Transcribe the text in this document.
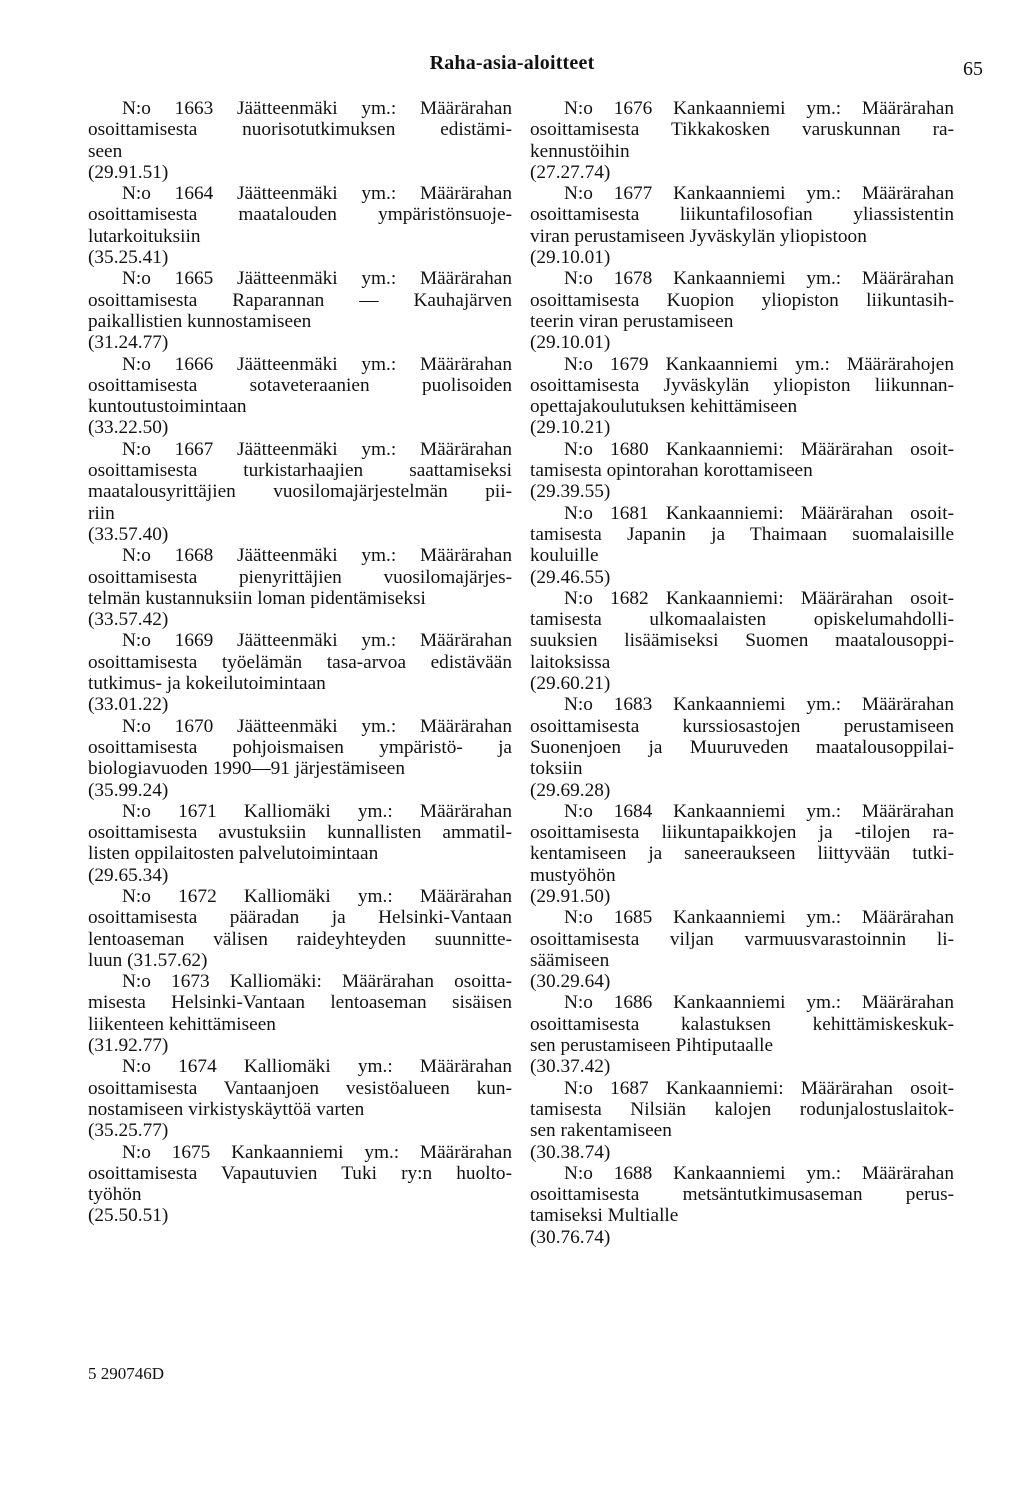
Raha-asia-aloitteet	65
N:o 1663 Jäätteenmäki ym.: Määrärahan
osoittamisesta nuorisotutkimuksen edistämi-
seen
(29.91.51)
N:o 1664 Jäätteenmäki ym.: Määrärahan
osoittamisesta maatalouden ympäristönsuoje-
lutarkoituksiin
(35.25.41)
N:o 1665 Jäätteenmäki ym.: Määrärahan
osoittamisesta Raparannan — Kauhajärven
paikallistien kunnostamiseen
(31.24.77)
N:o 1666 Jäätteenmäki ym.: Määrärahan
osoittamisesta sotaveteraanien puolisoiden
kuntoutustoimintaan
(33.22.50)
N:o 1667 Jäätteenmäki ym.: Määrärahan
osoittamisesta turkistarhaajien saattamiseksi
maatalousyrittäjien vuosilomajärjestelmän pii-
riin
(33.57.40)
N:o 1668 Jäätteenmäki ym.: Määrärahan
osoittamisesta pienyrittäjien vuosilomajärjes-
telmän kustannuksiin loman pidentämiseksi
(33.57.42)
N:o 1669 Jäätteenmäki ym.: Määrärahan
osoittamisesta työelämän tasa-arvoa edistävään
tutkimus- ja kokeilutoimintaan
(33.01.22)
N:o 1670 Jäätteenmäki ym.: Määrärahan
osoittamisesta pohjoismaisen ympäristö- ja
biologiavuoden 1990—91 järjestämiseen
(35.99.24)
N:o 1671 Kalliomäki ym.: Määrärahan
osoittamisesta avustuksiin kunnallisten ammatil-
listen oppilaitosten palvelutoimintaan
(29.65.34)
N:o 1672 Kalliomäki ym.: Määrärahan
osoittamisesta pääradan ja Helsinki-Vantaan
lentoaseman välisen raideyhteyden suunnitte-
luun (31.57.62)
N:o 1673 Kalliomäki: Määrärahan osoitta-
misesta Helsinki-Vantaan lentoaseman sisäisen
liikenteen kehittämiseen
(31.92.77)
N:o 1674 Kalliomäki ym.: Määrärahan
osoittamisesta Vantaanjoen vesistöalueen kun-
nostamiseen virkistyskäyttöä varten
(35.25.77)
N:o 1675 Kankaanniemi ym.: Määrärahan
osoittamisesta Vapautuvien Tuki ry:n huolto-
työhön
(25.50.51)
N:o 1676 Kankaanniemi ym.: Määrärahan
osoittamisesta Tikkakosken varuskunnan ra-
kennustöihin
(27.27.74)
N:o 1677 Kankaanniemi ym.: Määrärahan
osoittamisesta liikuntafilosofian yliassistentin
viran perustamiseen Jyväskylän yliopistoon
(29.10.01)
N:o 1678 Kankaanniemi ym.: Määrärahan
osoittamisesta Kuopion yliopiston liikuntasih-
teerin viran perustamiseen
(29.10.01)
N:o 1679 Kankaanniemi ym.: Määrärahojen
osoittamisesta Jyväskylän yliopiston liikunnan-
opettajakoulutuksen kehittämiseen
(29.10.21)
N:o 1680 Kankaanniemi: Määrärahan osoit-
tamisesta opintorahan korottamiseen
(29.39.55)
N:o 1681 Kankaanniemi: Määrärahan osoit-
tamisesta Japanin ja Thaimaan suomalaisille
kouluille
(29.46.55)
N:o 1682 Kankaanniemi: Määrärahan osoit-
tamisesta ulkomaalaisten opiskelumahdolli-
suuksien lisäämiseksi Suomen maatalousoppi-
laitoksissa
(29.60.21)
N:o 1683 Kankaanniemi ym.: Määrärahan
osoittamisesta kurssiosastojen perustamiseen
Suonenjoen ja Muuruveden maatalousoppilai-
toksiin
(29.69.28)
N:o 1684 Kankaanniemi ym.: Määrärahan
osoittamisesta liikuntapaikkojen ja -tilojen ra-
kentamiseen ja saneeraukseen liittyvään tutki-
mustyöhön
(29.91.50)
N:o 1685 Kankaanniemi ym.: Määrärahan
osoittamisesta viljan varmuusvarastoinnin li-
säämiseen
(30.29.64)
N:o 1686 Kankaanniemi ym.: Määrärahan
osoittamisesta kalastuksen kehittämiskeskuk-
sen perustamiseen Pihtiputaalle
(30.37.42)
N:o 1687 Kankaanniemi: Määrärahan osoit-
tamisesta Nilsiän kalojen rodunjalostuslaitok-
sen rakentamiseen
(30.38.74)
N:o 1688 Kankaanniemi ym.: Määrärahan
osoittamisesta metsäntutkimusaseman perus-
tamiseksi Multialle
(30.76.74)
5 290746D
